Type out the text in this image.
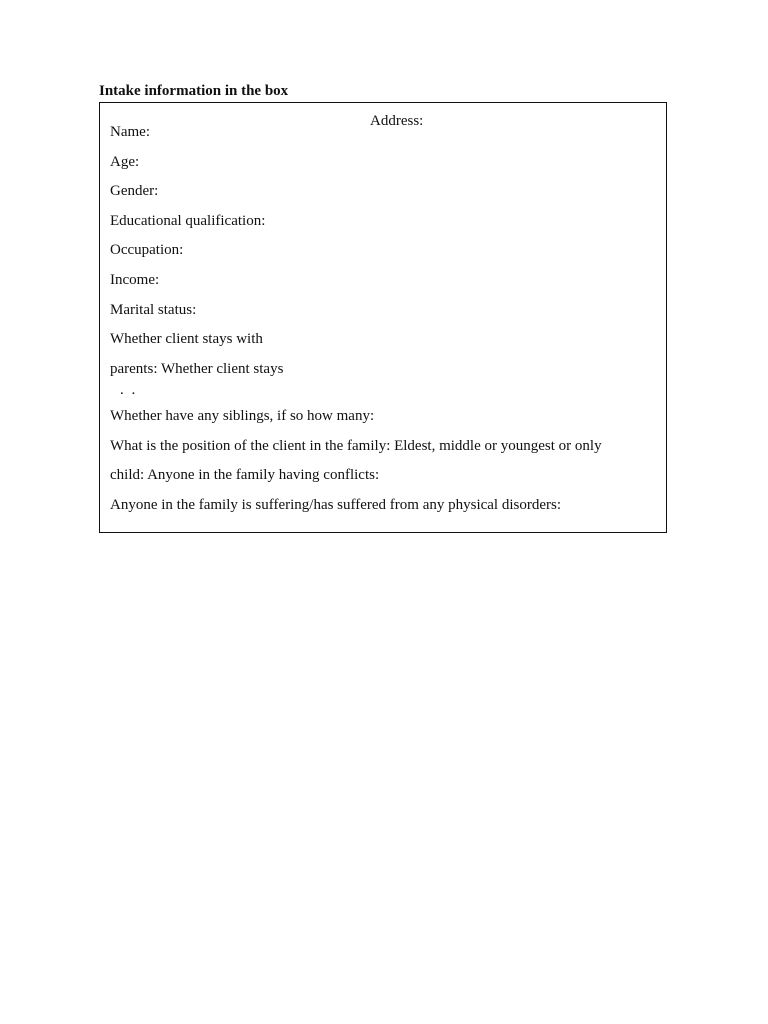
Intake information in the box
Address:
Name:
Age:
Gender:
Educational qualification:
Occupation:
Income:
Marital status:
Whether client stays with
parents: Whether client stays
. .
Whether have any siblings, if so how many:
What is the position of the client in the family: Eldest, middle or youngest or only
child: Anyone in the family having conflicts:
Anyone in the family is suffering/has suffered from any physical disorders:
